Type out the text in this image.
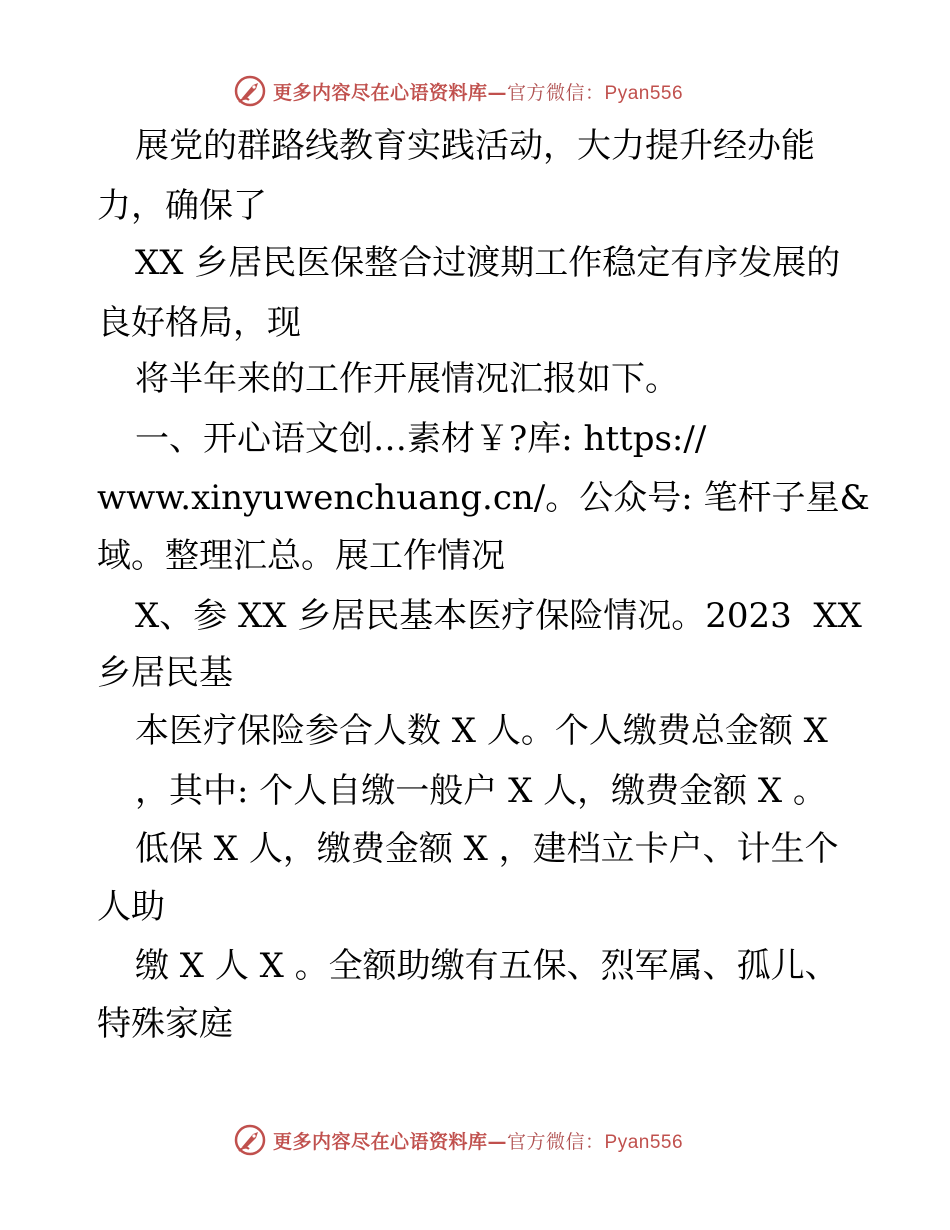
更多内容尽在心语资料库—官方微信：Pyan556
展党的群路线教育实践活动，大力提升经办能
力，确保了
XX 乡居民医保整合过渡期工作稳定有序发展的
良好格局，现
将半年来的工作开展情况汇报如下。
一、开心语文创…素材￥?库: https://
www.xinyuwenchuang.cn/。公众号: 笔杆子星&
域。整理汇总。展工作情况
X、参 XX 乡居民基本医疗保险情况。2023  XX
乡居民基
本医疗保险参合人数 X 人。个人缴费总金额 X
，其中: 个人自缴一般户 X 人，缴费金额 X 。
低保 X 人，缴费金额 X ，建档立卡户、计生个
人助
缴 X 人 X 。全额助缴有五保、烈军属、孤儿、
特殊家庭
更多内容尽在心语资料库—官方微信：Pyan556
